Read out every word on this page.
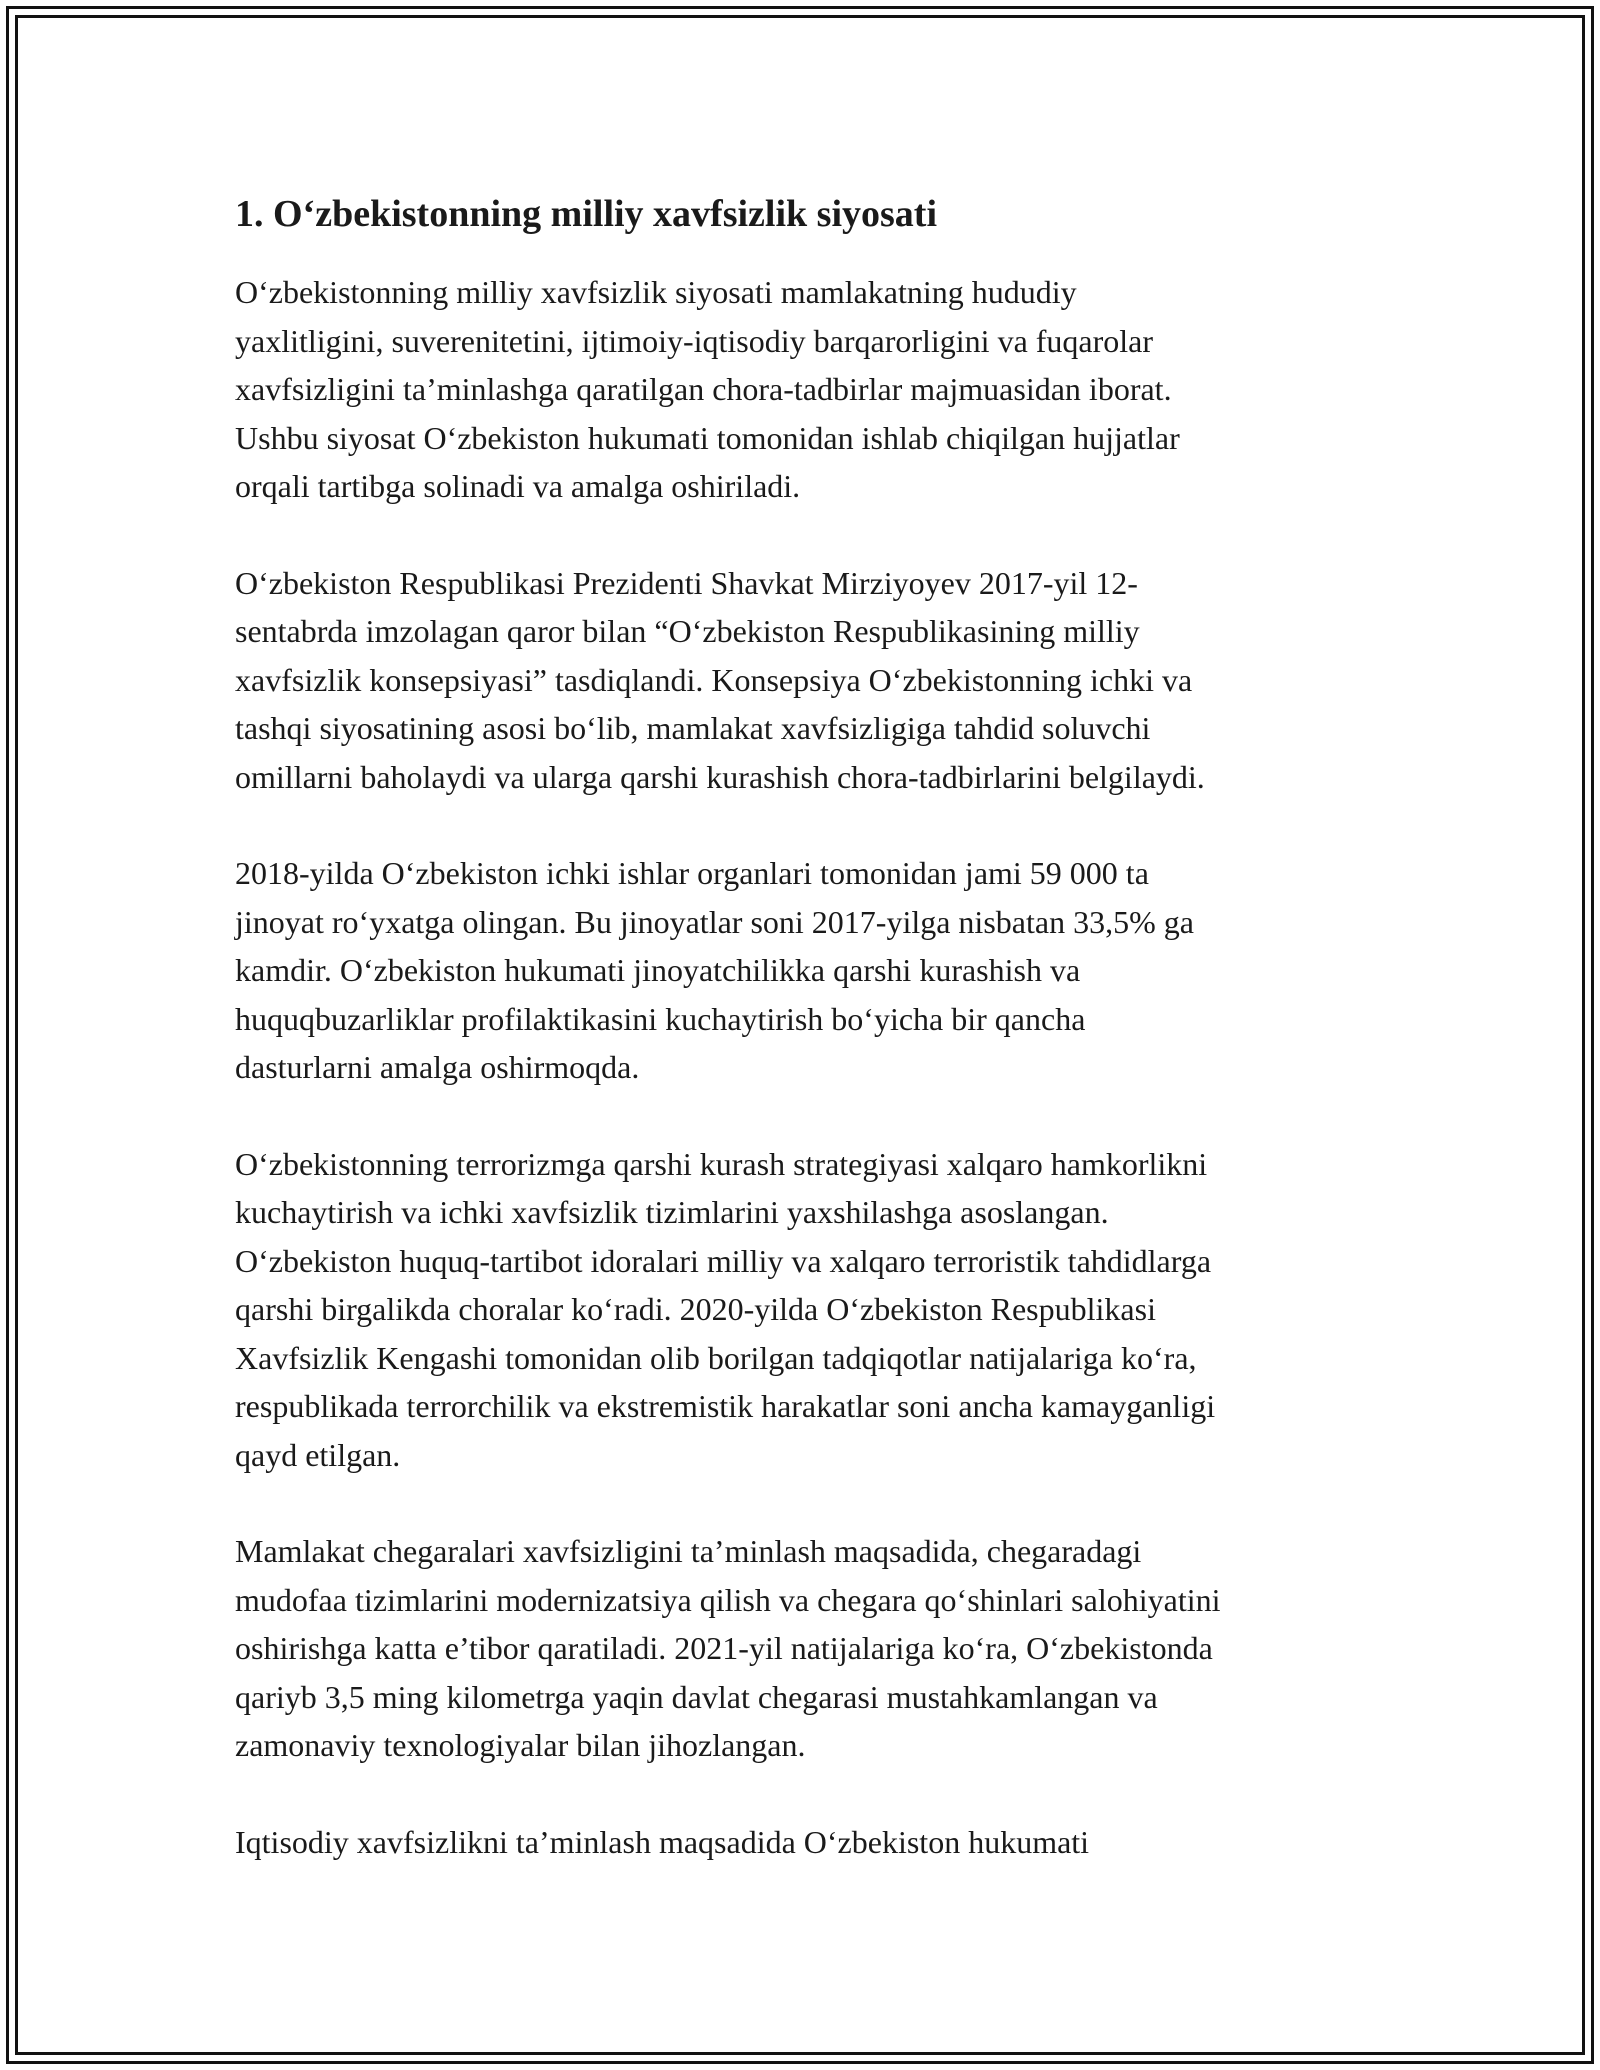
1. O‘zbekistonning milliy xavfsizlik siyosati

O‘zbekistonning milliy xavfsizlik siyosati mamlakatning hududiy
yaxlitligini, suverenitetini, ijtimoiy-iqtisodiy barqarorligini va fuqarolar
xavfsizligini ta’minlashga qaratilgan chora-tadbirlar majmuasidan iborat.
Ushbu siyosat O‘zbekiston hukumati tomonidan ishlab chiqilgan hujjatlar
orqali tartibga solinadi va amalga oshiriladi.

O‘zbekiston Respublikasi Prezidenti Shavkat Mirziyoyev 2017-yil 12-
sentabrda imzolagan qaror bilan “O‘zbekiston Respublikasining milliy
xavfsizlik konsepsiyasi” tasdiqlandi. Konsepsiya O‘zbekistonning ichki va
tashqi siyosatining asosi bo‘lib, mamlakat xavfsizligiga tahdid soluvchi
omillarni baholaydi va ularga qarshi kurashish chora-tadbirlarini belgilaydi.

2018-yilda O‘zbekiston ichki ishlar organlari tomonidan jami 59 000 ta
jinoyat ro‘yxatga olingan. Bu jinoyatlar soni 2017-yilga nisbatan 33,5% ga
kamdir. O‘zbekiston hukumati jinoyatchilikka qarshi kurashish va
huquqbuzarliklar profilaktikasini kuchaytirish bo‘yicha bir qancha
dasturlarni amalga oshirmoqda.

O‘zbekistonning terrorizmga qarshi kurash strategiyasi xalqaro hamkorlikni
kuchaytirish va ichki xavfsizlik tizimlarini yaxshilashga asoslangan.
O‘zbekiston huquq-tartibot idoralari milliy va xalqaro terroristik tahdidlarga
qarshi birgalikda choralar ko‘radi. 2020-yilda O‘zbekiston Respublikasi
Xavfsizlik Kengashi tomonidan olib borilgan tadqiqotlar natijalariga ko‘ra,
respublikada terrorchilik va ekstremistik harakatlar soni ancha kamayganligi
qayd etilgan.

Mamlakat chegaralari xavfsizligini ta’minlash maqsadida, chegaradagi
mudofaa tizimlarini modernizatsiya qilish va chegara qo‘shinlari salohiyatini
oshirishga katta e’tibor qaratiladi. 2021-yil natijalariga ko‘ra, O‘zbekistonda
qariyb 3,5 ming kilometrga yaqin davlat chegarasi mustahkamlangan va
zamonaviy texnologiyalar bilan jihozlangan.

Iqtisodiy xavfsizlikni ta’minlash maqsadida O‘zbekiston hukumati
